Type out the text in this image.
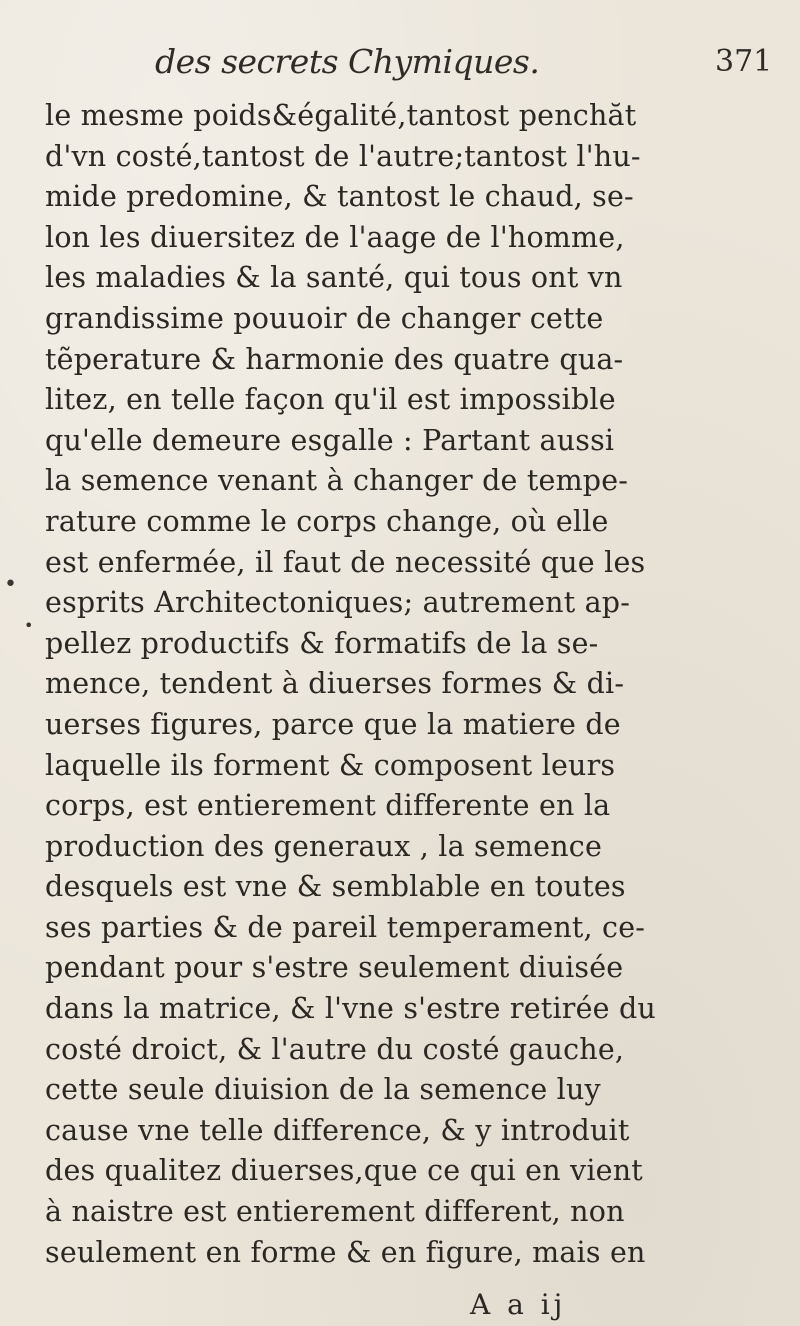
des secrets Chymiques.	371
le mesme poids&égalité,tantost penchăt
d'vn costé,tantost de l'autre;tantost l'hu-
mide predomine, & tantost le chaud, se-
lon les diuersitez de l'aage de l'homme,
les maladies & la santé, qui tous ont vn
grandissime pouuoir de changer cette
tẽperature & harmonie des quatre qua-
litez, en telle façon qu'il est impossible
qu'elle demeure esgalle : Partant aussi
la semence venant à changer de tempe-
rature comme le corps change, où elle
est enfermée, il faut de necessité que les
esprits Architectoniques; autrement ap-
pellez productifs & formatifs de la se-
mence, tendent à diuerses formes & di-
uerses figures, parce que la matiere de
laquelle ils forment & composent leurs
corps, est entierement differente en la
production des generaux , la semence
desquels est vne & semblable en toutes
ses parties & de pareil temperament, ce-
pendant pour s'estre seulement diuisée
dans la matrice, & l'vne s'estre retirée du
costé droict, & l'autre du costé gauche,
cette seule diuision de la semence luy
cause vne telle difference, & y introduit
des qualitez diuerses,que ce qui en vient
à naistre est entierement different, non
seulement en forme & en figure, mais en
•
•
A a ij
